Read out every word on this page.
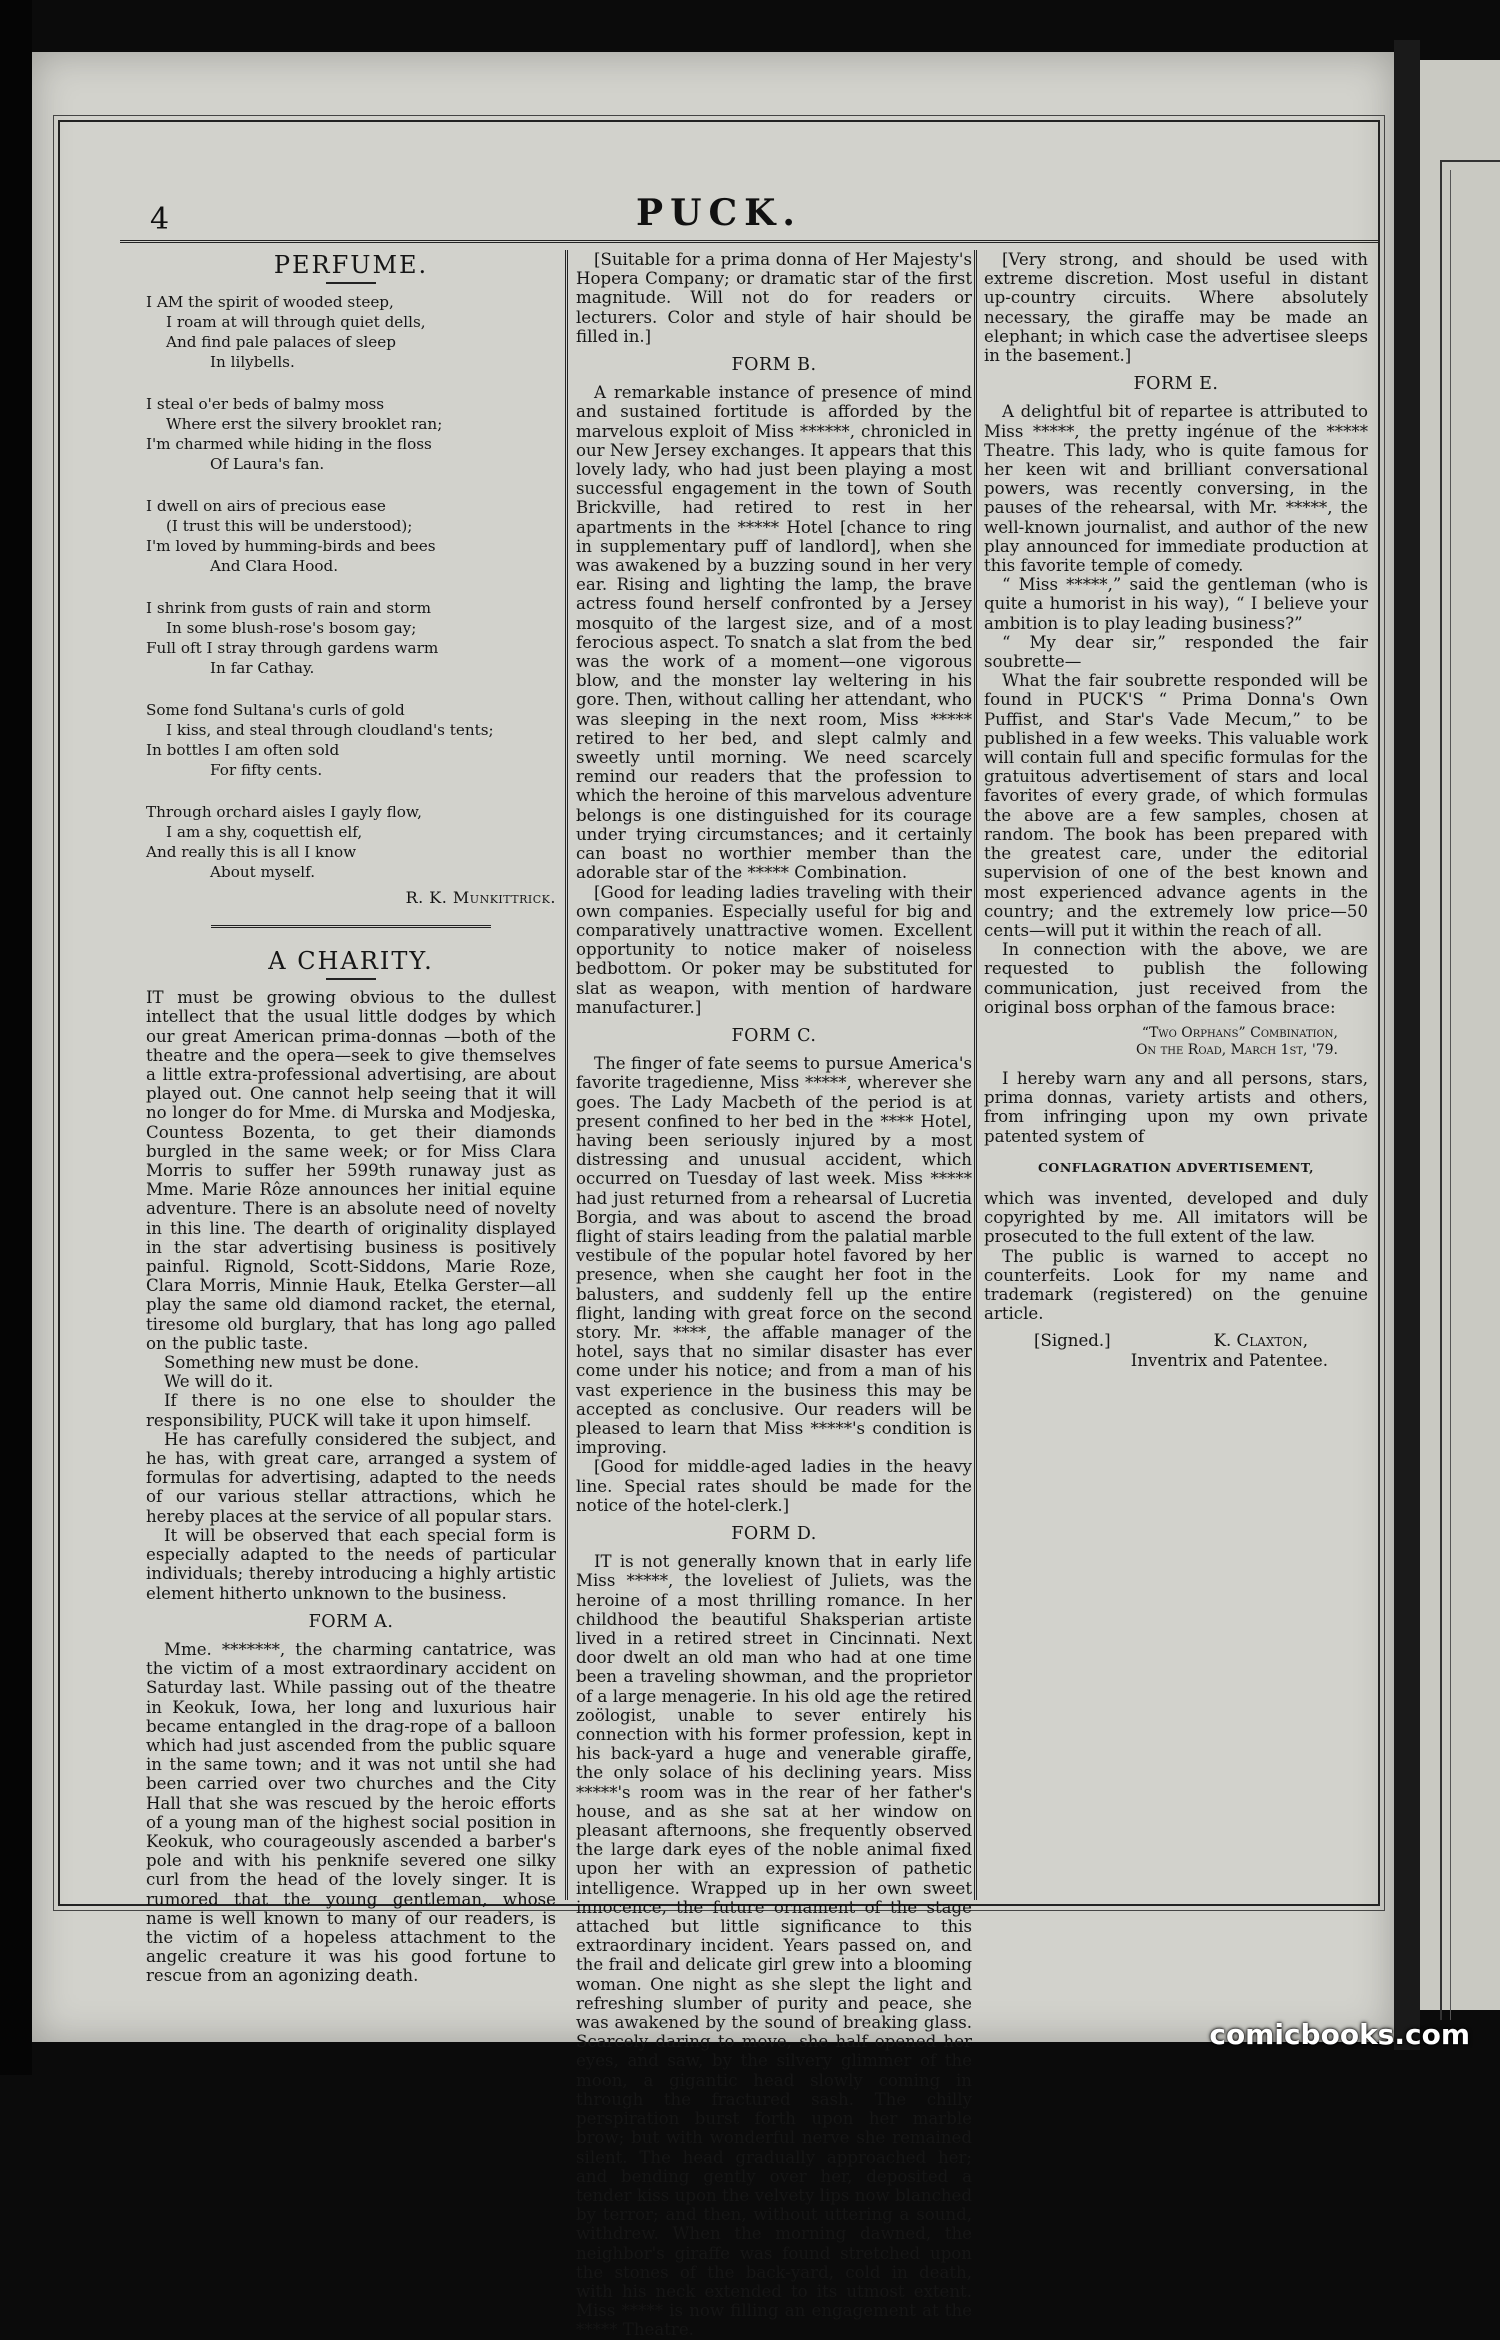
4	PUCK.
PERFUME.
I AM the spirit of wooded steep,
I roam at will through quiet dells,
And find pale palaces of sleep
In lilybells.
I steal o'er beds of balmy moss
Where erst the silvery brooklet ran;
I'm charmed while hiding in the floss
Of Laura's fan.
I dwell on airs of precious ease
(I trust this will be understood);
I'm loved by humming-birds and bees
And Clara Hood.
I shrink from gusts of rain and storm
In some blush-rose's bosom gay;
Full oft I stray through gardens warm
In far Cathay.
Some fond Sultana's curls of gold
I kiss, and steal through cloudland's tents;
In bottles I am often sold
For fifty cents.
Through orchard aisles I gayly flow,
I am a shy, coquettish elf,
And really this is all I know
About myself.
R. K. Munkittrick.
A CHARITY.

IT must be growing obvious to the dullest intellect that the usual little dodges by which our great American prima-donnas —both of the theatre and the opera—seek to give themselves a little extra-professional advertising, are about played out. One cannot help seeing that it will no longer do for Mme. di Murska and Modjeska, Countess Bozenta, to get their diamonds burgled in the same week; or for Miss Clara Morris to suffer her 599th runaway just as Mme. Marie Rôze announces her initial equine adventure. There is an absolute need of novelty in this line. The dearth of originality displayed in the star advertising business is positively painful. Rignold, Scott-Siddons, Marie Roze, Clara Morris, Minnie Hauk, Etelka Gerster—all play the same old diamond racket, the eternal, tiresome old burglary, that has long ago palled on the public taste.

Something new must be done.

We will do it.

If there is no one else to shoulder the responsibility, PUCK will take it upon himself.

He has carefully considered the subject, and he has, with great care, arranged a system of formulas for advertising, adapted to the needs of our various stellar attractions, which he hereby places at the service of all popular stars.

It will be observed that each special form is especially adapted to the needs of particular individuals; thereby introducing a highly artistic element hitherto unknown to the business.

FORM A.

Mme. *******, the charming cantatrice, was the victim of a most extraordinary accident on Saturday last. While passing out of the theatre in Keokuk, Iowa, her long and luxurious hair became entangled in the drag-rope of a balloon which had just ascended from the public square in the same town; and it was not until she had been carried over two churches and the City Hall that she was rescued by the heroic efforts of a young man of the highest social position in Keokuk, who courageously ascended a barber's pole and with his penknife severed one silky curl from the head of the lovely singer. It is rumored that the young gentleman, whose name is well known to many of our readers, is the victim of a hopeless attachment to the angelic creature it was his good fortune to rescue from an agonizing death.

[Suitable for a prima donna of Her Majesty's Hopera Company; or dramatic star of the first magnitude. Will not do for readers or lecturers. Color and style of hair should be filled in.]

FORM B.

A remarkable instance of presence of mind and sustained fortitude is afforded by the marvelous exploit of Miss ******, chronicled in our New Jersey exchanges. It appears that this lovely lady, who had just been playing a most successful engagement in the town of South Brickville, had retired to rest in her apartments in the ***** Hotel [chance to ring in supplementary puff of landlord], when she was awakened by a buzzing sound in her very ear. Rising and lighting the lamp, the brave actress found herself confronted by a Jersey mosquito of the largest size, and of a most ferocious aspect. To snatch a slat from the bed was the work of a moment—one vigorous blow, and the monster lay weltering in his gore. Then, without calling her attendant, who was sleeping in the next room, Miss ***** retired to her bed, and slept calmly and sweetly until morning. We need scarcely remind our readers that the profession to which the heroine of this marvelous adventure belongs is one distinguished for its courage under trying circumstances; and it certainly can boast no worthier member than the adorable star of the ***** Combination.

[Good for leading ladies traveling with their own companies. Especially useful for big and comparatively unattractive women. Excellent opportunity to notice maker of noiseless bedbottom. Or poker may be substituted for slat as weapon, with mention of hardware manufacturer.]

FORM C.

The finger of fate seems to pursue America's favorite tragedienne, Miss *****, wherever she goes. The Lady Macbeth of the period is at present confined to her bed in the **** Hotel, having been seriously injured by a most distressing and unusual accident, which occurred on Tuesday of last week. Miss ***** had just returned from a rehearsal of Lucretia Borgia, and was about to ascend the broad flight of stairs leading from the palatial marble vestibule of the popular hotel favored by her presence, when she caught her foot in the balusters, and suddenly fell up the entire flight, landing with great force on the second story. Mr. ****, the affable manager of the hotel, says that no similar disaster has ever come under his notice; and from a man of his vast experience in the business this may be accepted as conclusive. Our readers will be pleased to learn that Miss *****'s condition is improving.

[Good for middle-aged ladies in the heavy line. Special rates should be made for the notice of the hotel-clerk.]

FORM D.

IT is not generally known that in early life Miss *****, the loveliest of Juliets, was the heroine of a most thrilling romance. In her childhood the beautiful Shaksperian artiste lived in a retired street in Cincinnati. Next door dwelt an old man who had at one time been a traveling showman, and the proprietor of a large menagerie. In his old age the retired zoölogist, unable to sever entirely his connection with his former profession, kept in his back-yard a huge and venerable giraffe, the only solace of his declining years. Miss *****'s room was in the rear of her father's house, and as she sat at her window on pleasant afternoons, she frequently observed the large dark eyes of the noble animal fixed upon her with an expression of pathetic intelligence. Wrapped up in her own sweet innocence, the future ornament of the stage attached but little significance to this extraordinary incident. Years passed on, and the frail and delicate girl grew into a blooming woman. One night as she slept the light and refreshing slumber of purity and peace, she was awakened by the sound of breaking glass. Scarcely daring to move, she half opened her eyes, and saw, by the silvery glimmer of the moon, a gigantic head slowly coming in through the fractured sash. The chilly perspiration burst forth upon her marble brow; but with wonderful nerve she remained silent. The head gradually approached her; and bending gently over her, deposited a tender kiss upon the velvety lips now blanched by terror; and then, without uttering a sound, withdrew. When the morning dawned, the neighbor's giraffe was found stretched upon the stones of the back-yard, cold in death, with his neck extended to its utmost extent. Miss ***** is now filling an engagement at the ***** Theatre.

[Very strong, and should be used with extreme discretion. Most useful in distant up-country circuits. Where absolutely necessary, the giraffe may be made an elephant; in which case the advertisee sleeps in the basement.]

FORM E.

A delightful bit of repartee is attributed to Miss *****, the pretty ingénue of the ***** Theatre. This lady, who is quite famous for her keen wit and brilliant conversational powers, was recently conversing, in the pauses of the rehearsal, with Mr. *****, the well-known journalist, and author of the new play announced for immediate production at this favorite temple of comedy.

“ Miss *****,” said the gentleman (who is quite a humorist in his way), “ I believe your ambition is to play leading business?”

“ My dear sir,” responded the fair soubrette—

What the fair soubrette responded will be found in PUCK'S “ Prima Donna's Own Puffist, and Star's Vade Mecum,” to be published in a few weeks. This valuable work will contain full and specific formulas for the gratuitous advertisement of stars and local favorites of every grade, of which formulas the above are a few samples, chosen at random. The book has been prepared with the greatest care, under the editorial supervision of one of the best known and most experienced advance agents in the country; and the extremely low price—50 cents—will put it within the reach of all.

In connection with the above, we are requested to publish the following communication, just received from the original boss orphan of the famous brace:

“Two Orphans” Combination,
On the Road, March 1st, '79.

I hereby warn any and all persons, stars, prima donnas, variety artists and others, from infringing upon my own private patented system of

CONFLAGRATION ADVERTISEMENT,

which was invented, developed and duly copyrighted by me. All imitators will be prosecuted to the full extent of the law.

The public is warned to accept no counterfeits. Look for my name and trademark (registered) on the genuine article.

[Signed.]	K. Claxton,
Inventrix and Patentee.
comicbooks.com
